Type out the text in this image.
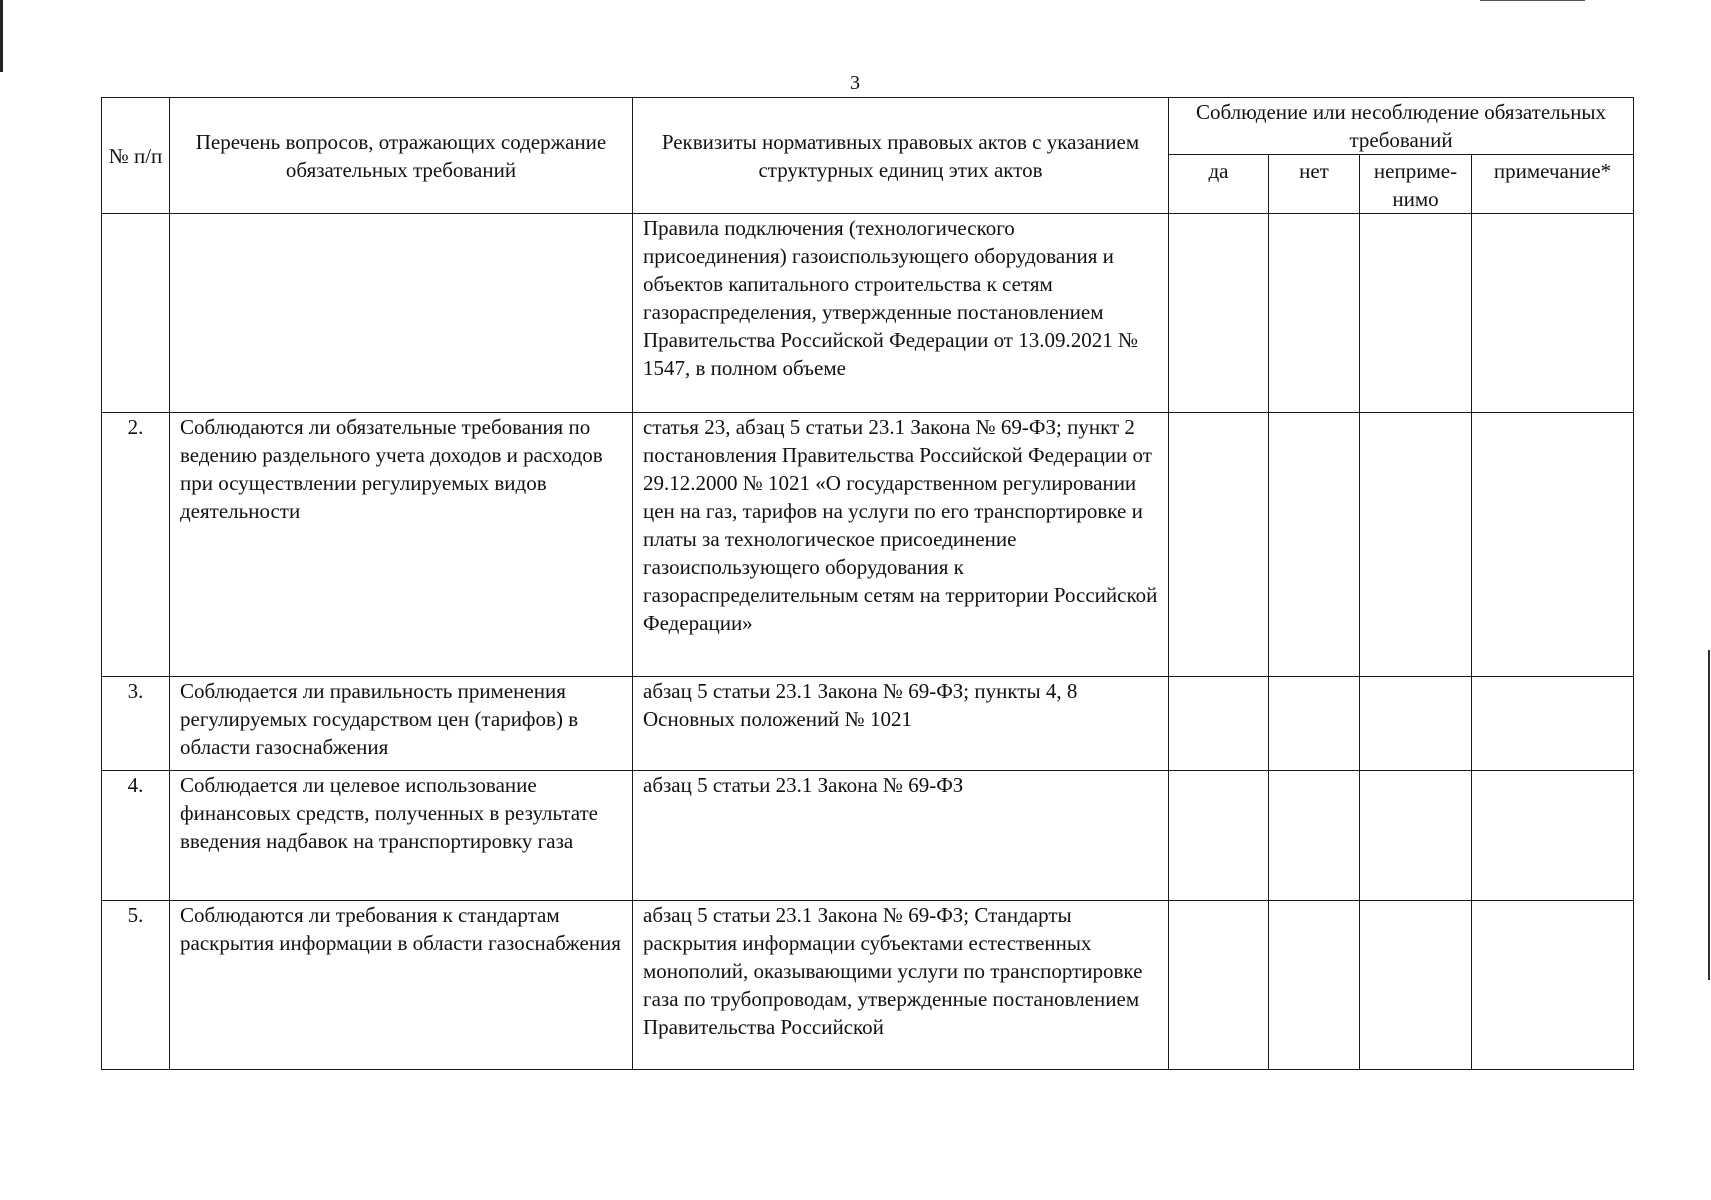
3
№ п/п	Перечень вопросов, отражающих содержание обязательных требований	Реквизиты нормативных правовых актов с указанием структурных единиц этих актов	Соблюдение или несоблюдение обязательных требований			
			да	нет	неприме-нимо	примечание*
		Правила подключения (технологического присоединения) газоиспользующего оборудования и объектов капитального строительства к сетям газораспределения, утвержденные постановлением Правительства Российской Федерации от 13.09.2021 № 1547, в полном объеме				
2.	Соблюдаются ли обязательные требования по ведению раздельного учета доходов и расходов при осуществлении регулируемых видов деятельности	статья 23, абзац 5 статьи 23.1 Закона № 69-ФЗ; пункт 2 постановления Правительства Российской Федерации от 29.12.2000 № 1021 «О государственном регулировании цен на газ, тарифов на услуги по его транспортировке и платы за технологическое присоединение газоиспользующего оборудования к газораспределительным сетям на территории Российской Федерации»				
3.	Соблюдается ли правильность применения регулируемых государством цен (тарифов) в области газоснабжения	абзац 5 статьи 23.1 Закона № 69-ФЗ; пункты 4, 8 Основных положений № 1021				
4.	Соблюдается ли целевое использование финансовых средств, полученных в результате введения надбавок на транспортировку газа	абзац 5 статьи 23.1 Закона № 69-ФЗ				
5.	Соблюдаются ли требования к стандартам раскрытия информации в области газоснабжения	абзац 5 статьи 23.1 Закона № 69-ФЗ; Стандарты раскрытия информации субъектами естественных монополий, оказывающими услуги по транспортировке газа по трубопроводам, утвержденные постановлением Правительства Российской				
